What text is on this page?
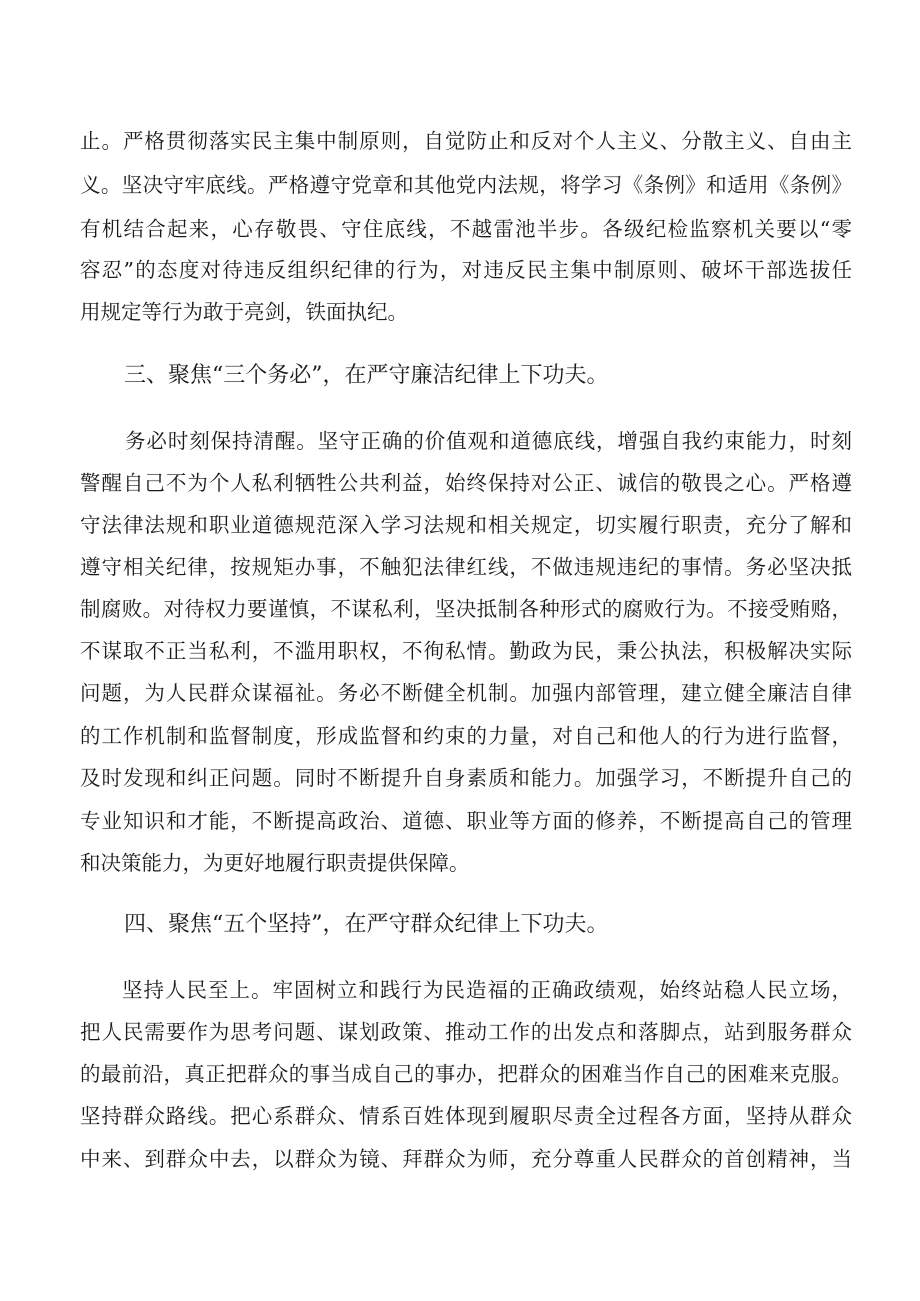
止。严格贯彻落实民主集中制原则，自觉防止和反对个人主义、分散主义、自由主
义。坚决守牢底线。严格遵守党章和其他党内法规，将学习《条例》和适用《条例》
有机结合起来，心存敬畏、守住底线，不越雷池半步。各级纪检监察机关要以“零
容忍”的态度对待违反组织纪律的行为，对违反民主集中制原则、破坏干部选拔任
用规定等行为敢于亮剑，铁面执纪。
三、聚焦“三个务必”，在严守廉洁纪律上下功夫。
务必时刻保持清醒。坚守正确的价值观和道德底线，增强自我约束能力，时刻
警醒自己不为个人私利牺牲公共利益，始终保持对公正、诚信的敬畏之心。严格遵
守法律法规和职业道德规范深入学习法规和相关规定，切实履行职责，充分了解和
遵守相关纪律，按规矩办事，不触犯法律红线，不做违规违纪的事情。务必坚决抵
制腐败。对待权力要谨慎，不谋私利，坚决抵制各种形式的腐败行为。不接受贿赂，
不谋取不正当私利，不滥用职权，不徇私情。勤政为民，秉公执法，积极解决实际
问题，为人民群众谋福祉。务必不断健全机制。加强内部管理，建立健全廉洁自律
的工作机制和监督制度，形成监督和约束的力量，对自己和他人的行为进行监督，
及时发现和纠正问题。同时不断提升自身素质和能力。加强学习，不断提升自己的
专业知识和才能，不断提高政治、道德、职业等方面的修养，不断提高自己的管理
和决策能力，为更好地履行职责提供保障。
四、聚焦“五个坚持”，在严守群众纪律上下功夫。
坚持人民至上。牢固树立和践行为民造福的正确政绩观，始终站稳人民立场，
把人民需要作为思考问题、谋划政策、推动工作的出发点和落脚点，站到服务群众
的最前沿，真正把群众的事当成自己的事办，把群众的困难当作自己的困难来克服。
坚持群众路线。把心系群众、情系百姓体现到履职尽责全过程各方面，坚持从群众
中来、到群众中去，以群众为镜、拜群众为师，充分尊重人民群众的首创精神，当
